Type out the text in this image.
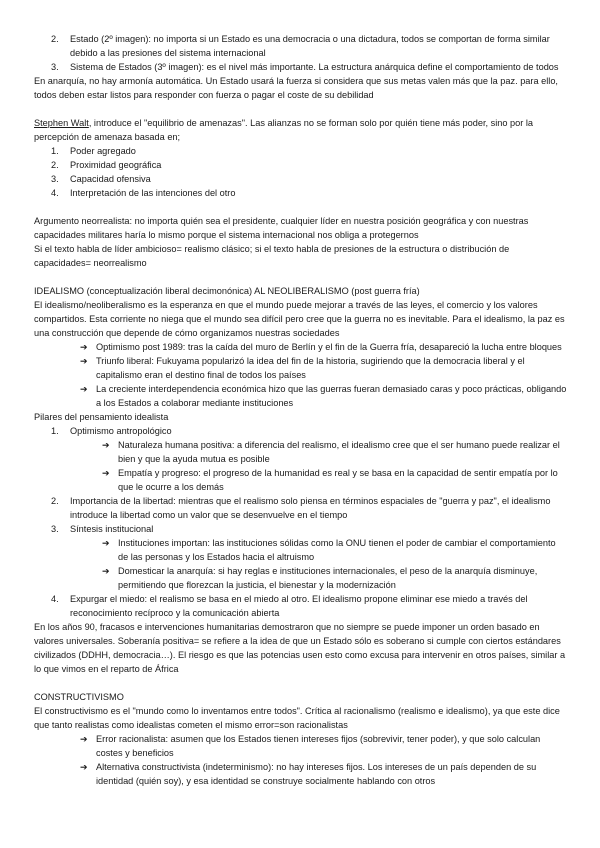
2. Estado (2º imagen): no importa si un Estado es una democracia o una dictadura, todos se comportan de forma similar debido a las presiones del sistema internacional
3. Sistema de Estados (3º imagen): es el nivel más importante. La estructura anárquica define el comportamiento de todos

En anarquía, no hay armonía automática. Un Estado usará la fuerza si considera que sus metas valen más que la paz. para ello, todos deben estar listos para responder con fuerza o pagar el coste de su debilidad

Stephen Walt, introduce el "equilibrio de amenazas". Las alianzas no se forman solo por quién tiene más poder, sino por la percepción de amenaza basada en;

1. Poder agregado
2. Proximidad geográfica
3. Capacidad ofensiva
4. Interpretación de las intenciones del otro

Argumento neorrealista: no importa quién sea el presidente, cualquier líder en nuestra posición geográfica y con nuestras capacidades militares haría lo mismo porque el sistema internacional nos obliga a protegernos

Si el texto habla de líder ambicioso= realismo clásico; si el texto habla de presiones de la estructura o distribución de capacidades= neorrealismo

IDEALISMO (conceptualización liberal decimonónica) AL NEOLIBERALISMO (post guerra fría)

El idealismo/neoliberalismo es la esperanza en que el mundo puede mejorar a través de las leyes, el comercio y los valores compartidos. Esta corriente no niega que el mundo sea difícil pero cree que la guerra no es inevitable. Para el idealismo, la paz es una construcción que depende de cómo organizamos nuestras sociedades

➔ Optimismo post 1989: tras la caída del muro de Berlín y el fin de la Guerra fría, desapareció la lucha entre bloques
➔ Triunfo liberal: Fukuyama popularizó la idea del fin de la historia, sugiriendo que la democracia liberal y el capitalismo eran el destino final de todos los países
➔ La creciente interdependencia económica hizo que las guerras fueran demasiado caras y poco prácticas, obligando a los Estados a colaborar mediante instituciones

Pilares del pensamiento idealista

1. Optimismo antropológico
➔ Naturaleza humana positiva: a diferencia del realismo, el idealismo cree que el ser humano puede realizar el bien y que la ayuda mutua es posible
➔ Empatía y progreso: el progreso de la humanidad es real y se basa en la capacidad de sentir empatía por lo que le ocurre a los demás
2. Importancia de la libertad: mientras que el realismo solo piensa en términos espaciales de "guerra y paz", el idealismo introduce la libertad como un valor que se desenvuelve en el tiempo
3. Síntesis institucional
➔ Instituciones importan: las instituciones sólidas como la ONU tienen el poder de cambiar el comportamiento de las personas y los Estados hacia el altruismo
➔ Domesticar la anarquía: si hay reglas e instituciones internacionales, el peso de la anarquía disminuye, permitiendo que florezcan la justicia, el bienestar y la modernización
4. Expurgar el miedo: el realismo se basa en el miedo al otro. El idealismo propone eliminar ese miedo a través del reconocimiento recíproco y la comunicación abierta

En los años 90, fracasos e intervenciones humanitarias demostraron que no siempre se puede imponer un orden basado en valores universales. Soberanía positiva= se refiere a la idea de que un Estado sólo es soberano si cumple con ciertos estándares civilizados (DDHH, democracia…). El riesgo es que las potencias usen esto como excusa para intervenir en otros países, similar a lo que vimos en el reparto de África

CONSTRUCTIVISMO

El constructivismo es el "mundo como lo inventamos entre todos". Crítica al racionalismo (realismo e idealismo), ya que este dice que tanto realistas como idealistas cometen el mismo error=son racionalistas

➔ Error racionalista: asumen que los Estados tienen intereses fijos (sobrevivir, tener poder), y que solo calculan costes y beneficios
➔ Alternativa constructivista (indeterminismo): no hay intereses fijos. Los intereses de un país dependen de su identidad (quién soy), y esa identidad se construye socialmente hablando con otros
